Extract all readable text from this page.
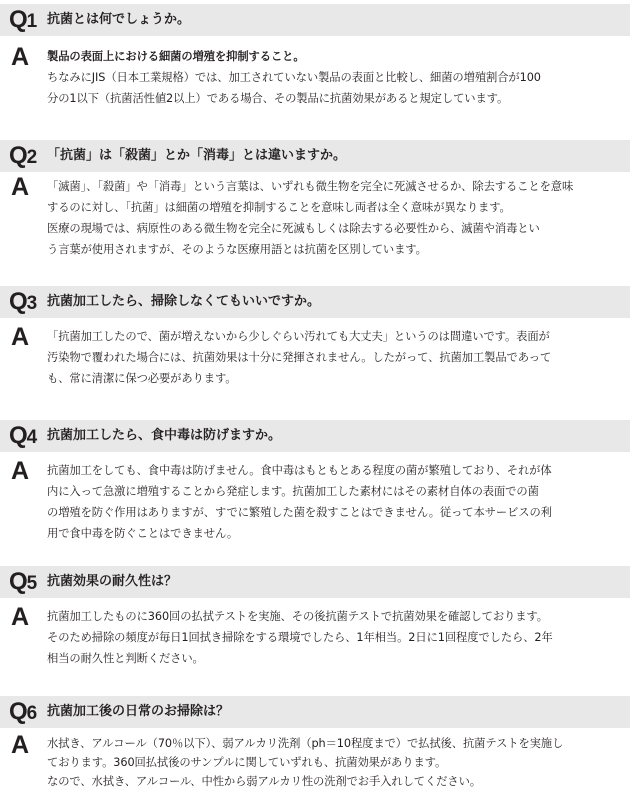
Q1 抗菌とは何でしょうか。
A 製品の表面上における細菌の増殖を抑制すること。
ちなみにJIS（日本工業規格）では、加工されていない製品の表面と比較し、細菌の増殖割合が100
分の1以下（抗菌活性値2以上）である場合、その製品に抗菌効果があると規定しています。
Q2 「抗菌」は「殺菌」とか「消毒」とは違いますか。
A 「滅菌」、「殺菌」や「消毒」という言葉は、いずれも微生物を完全に死滅させるか、除去することを意味
するのに対し、「抗菌」は細菌の増殖を抑制することを意味し両者は全く意味が異なります。
医療の現場では、病原性のある微生物を完全に死滅もしくは除去する必要性から、滅菌や消毒とい
う言葉が使用されますが、そのような医療用語とは抗菌を区別しています。
Q3 抗菌加工したら、掃除しなくてもいいですか。
A 「抗菌加工したので、菌が増えないから少しぐらい汚れても大丈夫」というのは間違いです。表面が
汚染物で覆われた場合には、抗菌効果は十分に発揮されません。したがって、抗菌加工製品であって
も、常に清潔に保つ必要があります。
Q4 抗菌加工したら、食中毒は防げますか。
A 抗菌加工をしても、食中毒は防げません。食中毒はもともとある程度の菌が繁殖しており、それが体
内に入って急激に増殖することから発症します。抗菌加工した素材にはその素材自体の表面での菌
の増殖を防ぐ作用はありますが、すでに繁殖した菌を殺すことはできません。従って本サービスの利
用で食中毒を防ぐことはできません。
Q5 抗菌効果の耐久性は？
A 抗菌加工したものに360回の払拭テストを実施、その後抗菌テストで抗菌効果を確認しております。
そのため掃除の頻度が毎日1回拭き掃除をする環境でしたら、1年相当。2日に1回程度でしたら、2年
相当の耐久性と判断ください。
Q6 抗菌加工後の日常のお掃除は？
A 水拭き、アルコール（70％以下）、弱アルカリ洗剤（ph＝10程度まで）で払拭後、抗菌テストを実施し
ております。360回払拭後のサンプルに関していずれも、抗菌効果があります。
なので、水拭き、アルコール、中性から弱アルカリ性の洗剤でお手入れしてください。
